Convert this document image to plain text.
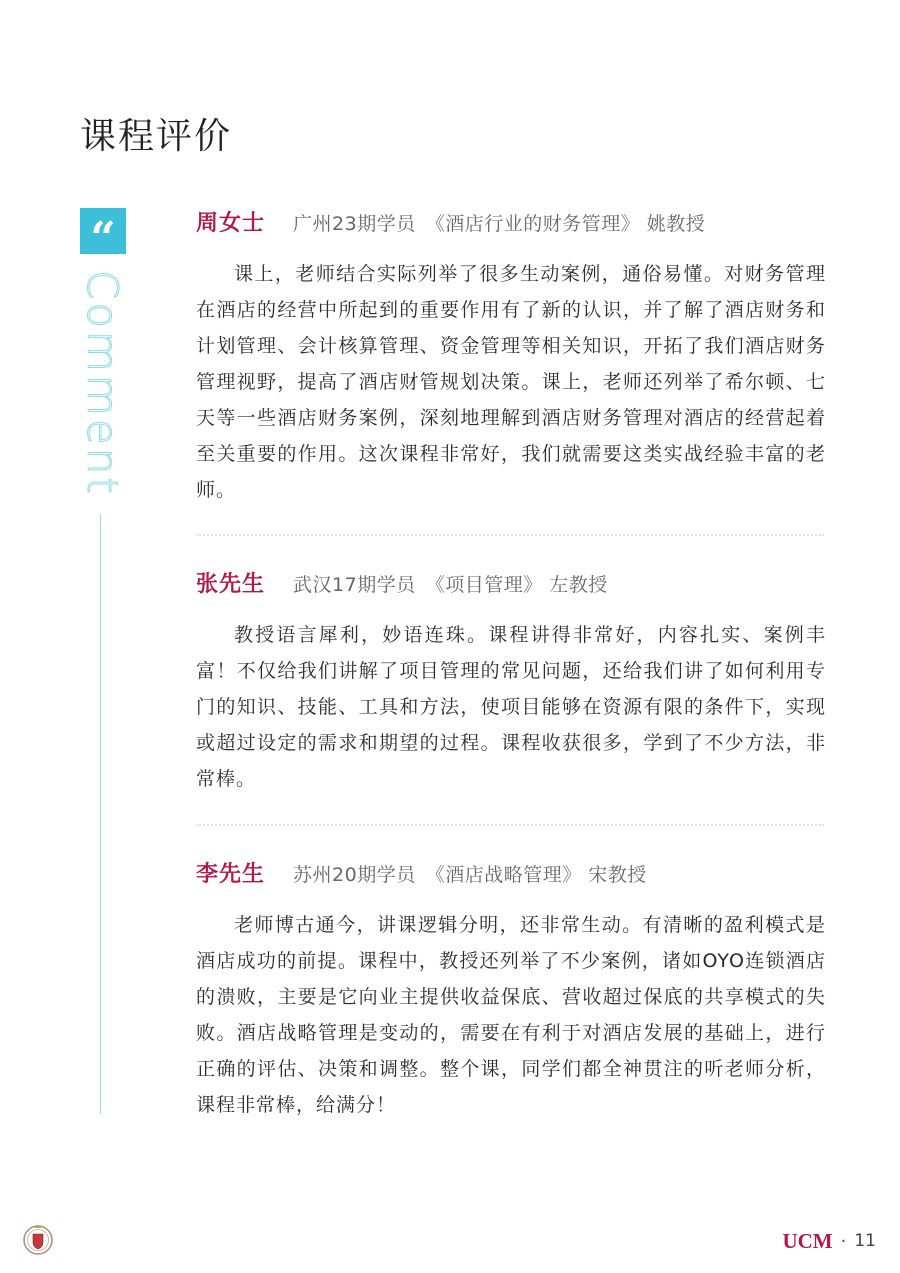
课程评价
“
Comment
周女士 广州23期学员　《酒店行业的财务管理》 姚教授

课上，老师结合实际列举了很多生动案例，通俗易懂。对财务管理在酒店的经营中所起到的重要作用有了新的认识，并了解了酒店财务和计划管理、会计核算管理、资金管理等相关知识，开拓了我们酒店财务管理视野，提高了酒店财管规划决策。课上，老师还列举了希尔顿、七天等一些酒店财务案例，深刻地理解到酒店财务管理对酒店的经营起着至关重要的作用。这次课程非常好，我们就需要这类实战经验丰富的老师。

张先生 武汉17期学员　《项目管理》 左教授

教授语言犀利，妙语连珠。课程讲得非常好，内容扎实、案例丰富！不仅给我们讲解了项目管理的常见问题，还给我们讲了如何利用专门的知识、技能、工具和方法，使项目能够在资源有限的条件下，实现或超过设定的需求和期望的过程。课程收获很多，学到了不少方法，非常棒。

李先生 苏州20期学员　《酒店战略管理》 宋教授

老师博古通今，讲课逻辑分明，还非常生动。有清晰的盈利模式是酒店成功的前提。课程中，教授还列举了不少案例，诸如OYO连锁酒店的溃败，主要是它向业主提供收益保底、营收超过保底的共享模式的失败。酒店战略管理是变动的，需要在有利于对酒店发展的基础上，进行正确的评估、决策和调整。整个课，同学们都全神贯注的听老师分析，课程非常棒，给满分！

UCM · 11
